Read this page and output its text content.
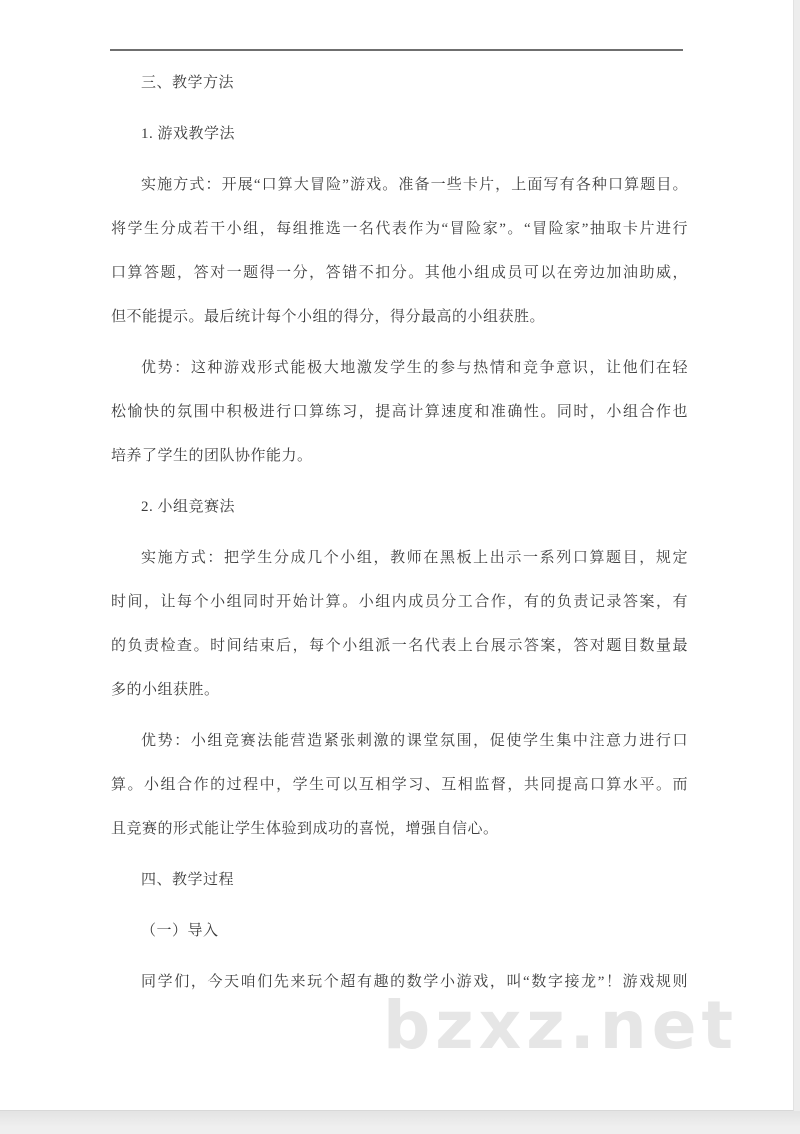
三、教学方法
1. 游戏教学法
实施方式：开展“口算大冒险”游戏。准备一些卡片，上面写有各种口算题目。
将学生分成若干小组，每组推选一名代表作为“冒险家”。“冒险家”抽取卡片进行
口算答题，答对一题得一分，答错不扣分。其他小组成员可以在旁边加油助威，
但不能提示。最后统计每个小组的得分，得分最高的小组获胜。
优势：这种游戏形式能极大地激发学生的参与热情和竞争意识，让他们在轻
松愉快的氛围中积极进行口算练习，提高计算速度和准确性。同时，小组合作也
培养了学生的团队协作能力。
2. 小组竞赛法
实施方式：把学生分成几个小组，教师在黑板上出示一系列口算题目，规定
时间，让每个小组同时开始计算。小组内成员分工合作，有的负责记录答案，有
的负责检查。时间结束后，每个小组派一名代表上台展示答案，答对题目数量最
多的小组获胜。
优势：小组竞赛法能营造紧张刺激的课堂氛围，促使学生集中注意力进行口
算。小组合作的过程中，学生可以互相学习、互相监督，共同提高口算水平。而
且竞赛的形式能让学生体验到成功的喜悦，增强自信心。
四、教学过程
（一）导入
同学们，今天咱们先来玩个超有趣的数学小游戏，叫“数字接龙”！游戏规则
bzxz.net
